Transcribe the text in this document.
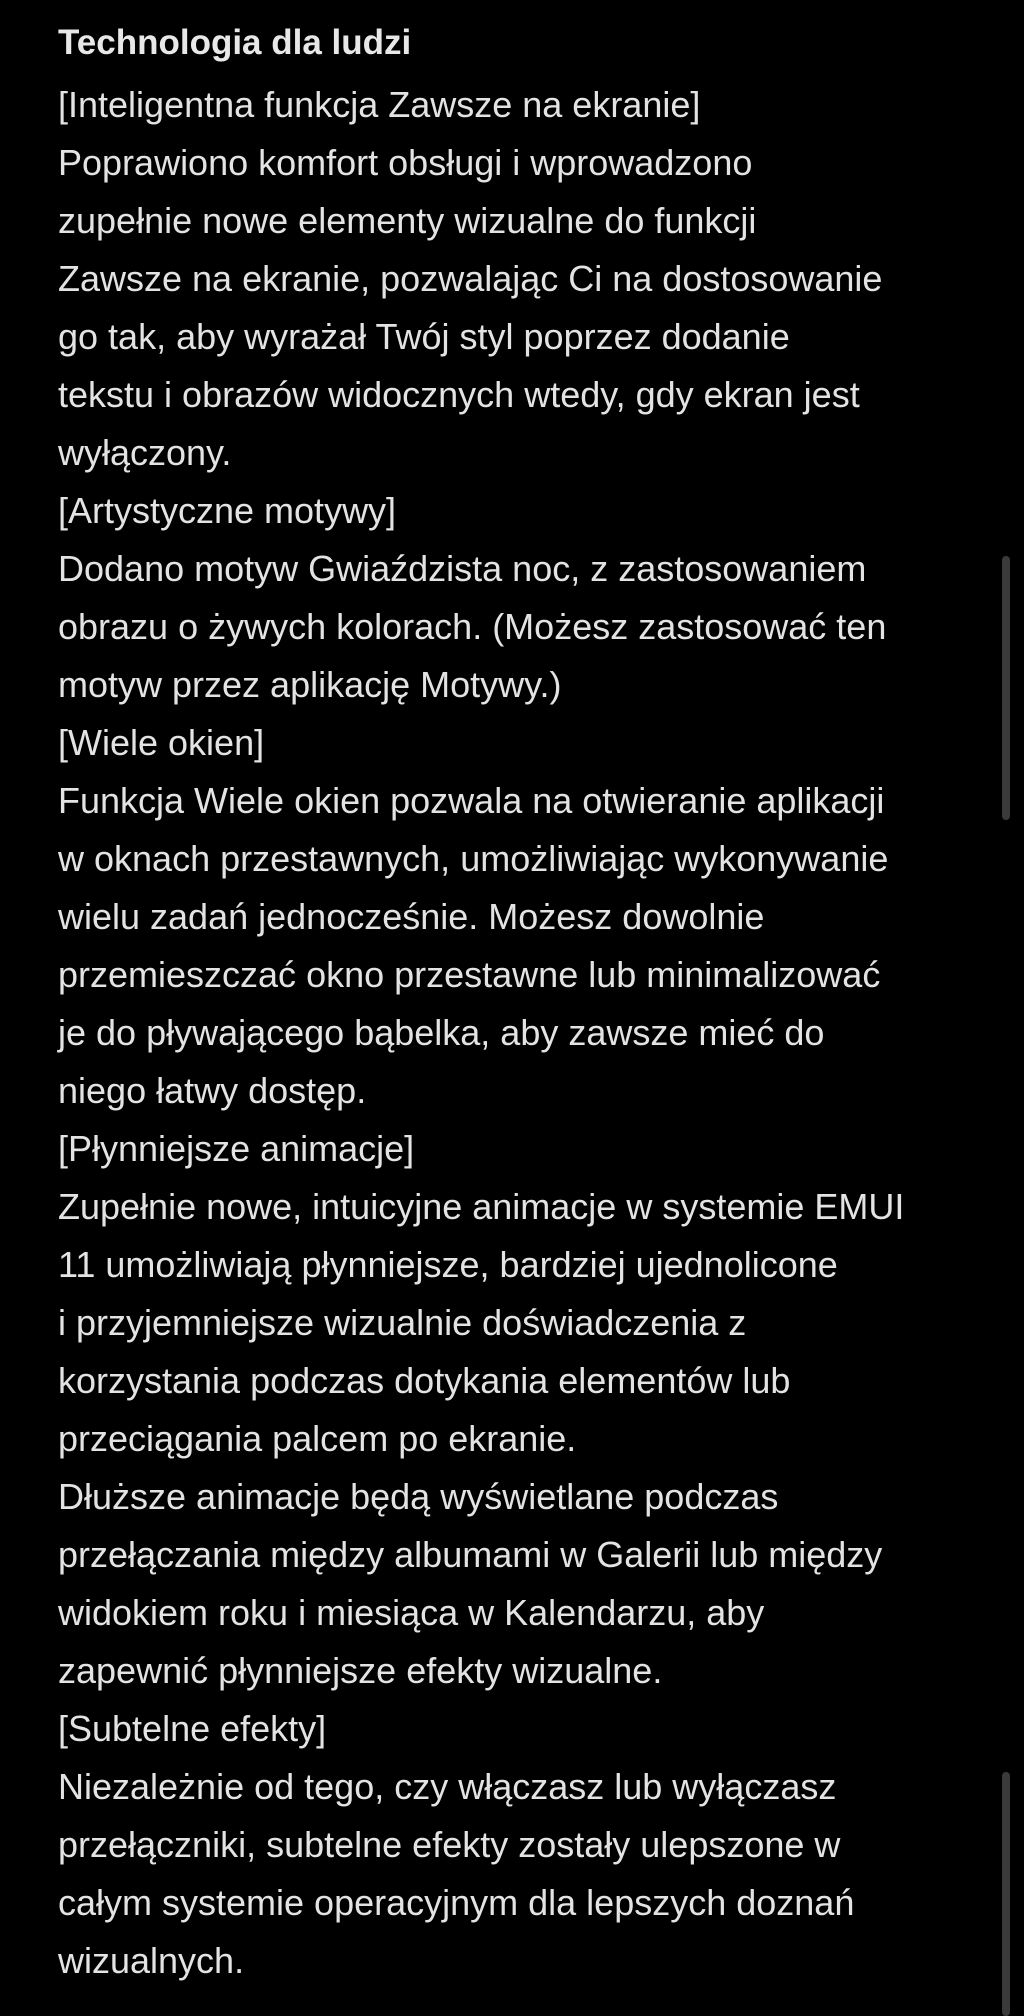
Technologia dla ludzi
[Inteligentna funkcja Zawsze na ekranie]
Poprawiono komfort obsługi i wprowadzono
zupełnie nowe elementy wizualne do funkcji
Zawsze na ekranie, pozwalając Ci na dostosowanie
go tak, aby wyrażał Twój styl poprzez dodanie
tekstu i obrazów widocznych wtedy, gdy ekran jest
wyłączony.
[Artystyczne motywy]
Dodano motyw Gwiaździsta noc, z zastosowaniem
obrazu o żywych kolorach. (Możesz zastosować ten
motyw przez aplikację Motywy.)
[Wiele okien]
Funkcja Wiele okien pozwala na otwieranie aplikacji
w oknach przestawnych, umożliwiając wykonywanie
wielu zadań jednocześnie. Możesz dowolnie
przemieszczać okno przestawne lub minimalizować
je do pływającego bąbelka, aby zawsze mieć do
niego łatwy dostęp.
[Płynniejsze animacje]
Zupełnie nowe, intuicyjne animacje w systemie EMUI
11 umożliwiają płynniejsze, bardziej ujednolicone
i przyjemniejsze wizualnie doświadczenia z
korzystania podczas dotykania elementów lub
przeciągania palcem po ekranie.
Dłuższe animacje będą wyświetlane podczas
przełączania między albumami w Galerii lub między
widokiem roku i miesiąca w Kalendarzu, aby
zapewnić płynniejsze efekty wizualne.
[Subtelne efekty]
Niezależnie od tego, czy włączasz lub wyłączasz
przełączniki, subtelne efekty zostały ulepszone w
całym systemie operacyjnym dla lepszych doznań
wizualnych.
